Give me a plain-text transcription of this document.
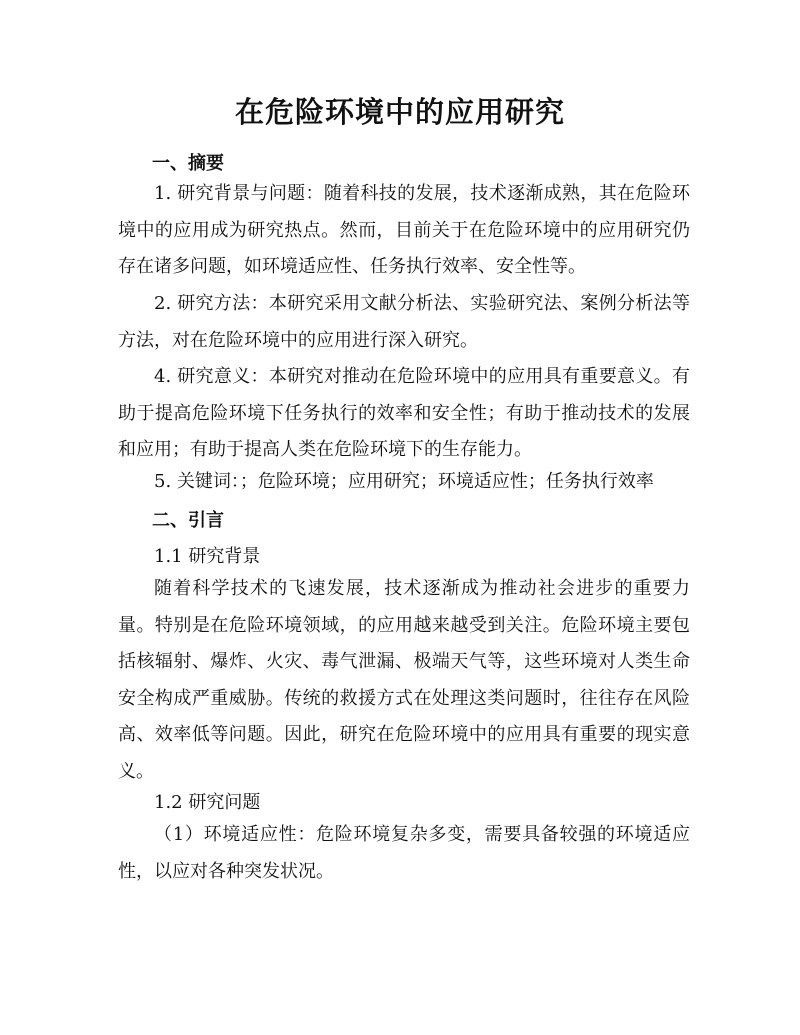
在危险环境中的应用研究
一、摘要

1. 研究背景与问题：随着科技的发展，技术逐渐成熟，其在危险环境中的应用成为研究热点。然而，目前关于在危险环境中的应用研究仍存在诸多问题，如环境适应性、任务执行效率、安全性等。

2. 研究方法：本研究采用文献分析法、实验研究法、案例分析法等方法，对在危险环境中的应用进行深入研究。

4. 研究意义：本研究对推动在危险环境中的应用具有重要意义。有助于提高危险环境下任务执行的效率和安全性；有助于推动技术的发展和应用；有助于提高人类在危险环境下的生存能力。

5. 关键词：；危险环境；应用研究；环境适应性；任务执行效率

二、引言
1.1 研究背景

随着科学技术的飞速发展，技术逐渐成为推动社会进步的重要力量。特别是在危险环境领域，的应用越来越受到关注。危险环境主要包括核辐射、爆炸、火灾、毒气泄漏、极端天气等，这些环境对人类生命安全构成严重威胁。传统的救援方式在处理这类问题时，往往存在风险高、效率低等问题。因此，研究在危险环境中的应用具有重要的现实意义。

1.2 研究问题

（1）环境适应性：危险环境复杂多变，需要具备较强的环境适应性，以应对各种突发状况。
